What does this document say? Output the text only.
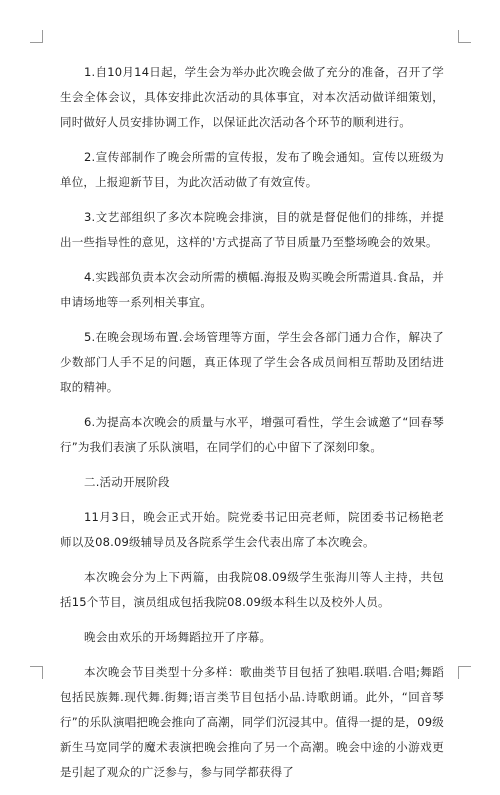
1.自10月14日起，学生会为举办此次晚会做了充分的准备，召开了学生会全体会议，具体安排此次活动的具体事宜，对本次活动做详细策划，同时做好人员安排协调工作，以保证此次活动各个环节的顺利进行。

2.宣传部制作了晚会所需的宣传报，发布了晚会通知。宣传以班级为单位，上报迎新节目，为此次活动做了有效宣传。

3.文艺部组织了多次本院晚会排演，目的就是督促他们的排练，并提出一些指导性的意见，这样的'方式提高了节目质量乃至整场晚会的效果。

4.实践部负责本次会动所需的横幅.海报及购买晚会所需道具.食品，并申请场地等一系列相关事宜。

5.在晚会现场布置.会场管理等方面，学生会各部门通力合作，解决了少数部门人手不足的问题，真正体现了学生会各成员间相互帮助及团结进取的精神。

6.为提高本次晚会的质量与水平，增强可看性，学生会诚邀了“回春琴行”为我们表演了乐队演唱，在同学们的心中留下了深刻印象。

二.活动开展阶段

11月3日，晚会正式开始。院党委书记田亮老师，院团委书记杨艳老师以及08.09级辅导员及各院系学生会代表出席了本次晚会。

本次晚会分为上下两篇，由我院08.09级学生张海川等人主持，共包括15个节目，演员组成包括我院08.09级本科生以及校外人员。

晚会由欢乐的开场舞蹈拉开了序幕。

本次晚会节目类型十分多样：歌曲类节目包括了独唱.联唱.合唱;舞蹈包括民族舞.现代舞.街舞;语言类节目包括小品.诗歌朗诵。此外，“回音琴行”的乐队演唱把晚会推向了高潮，同学们沉浸其中。值得一提的是，09级新生马宽同学的魔术表演把晚会推向了另一个高潮。晚会中途的小游戏更是引起了观众的广泛参与，参与同学都获得了
